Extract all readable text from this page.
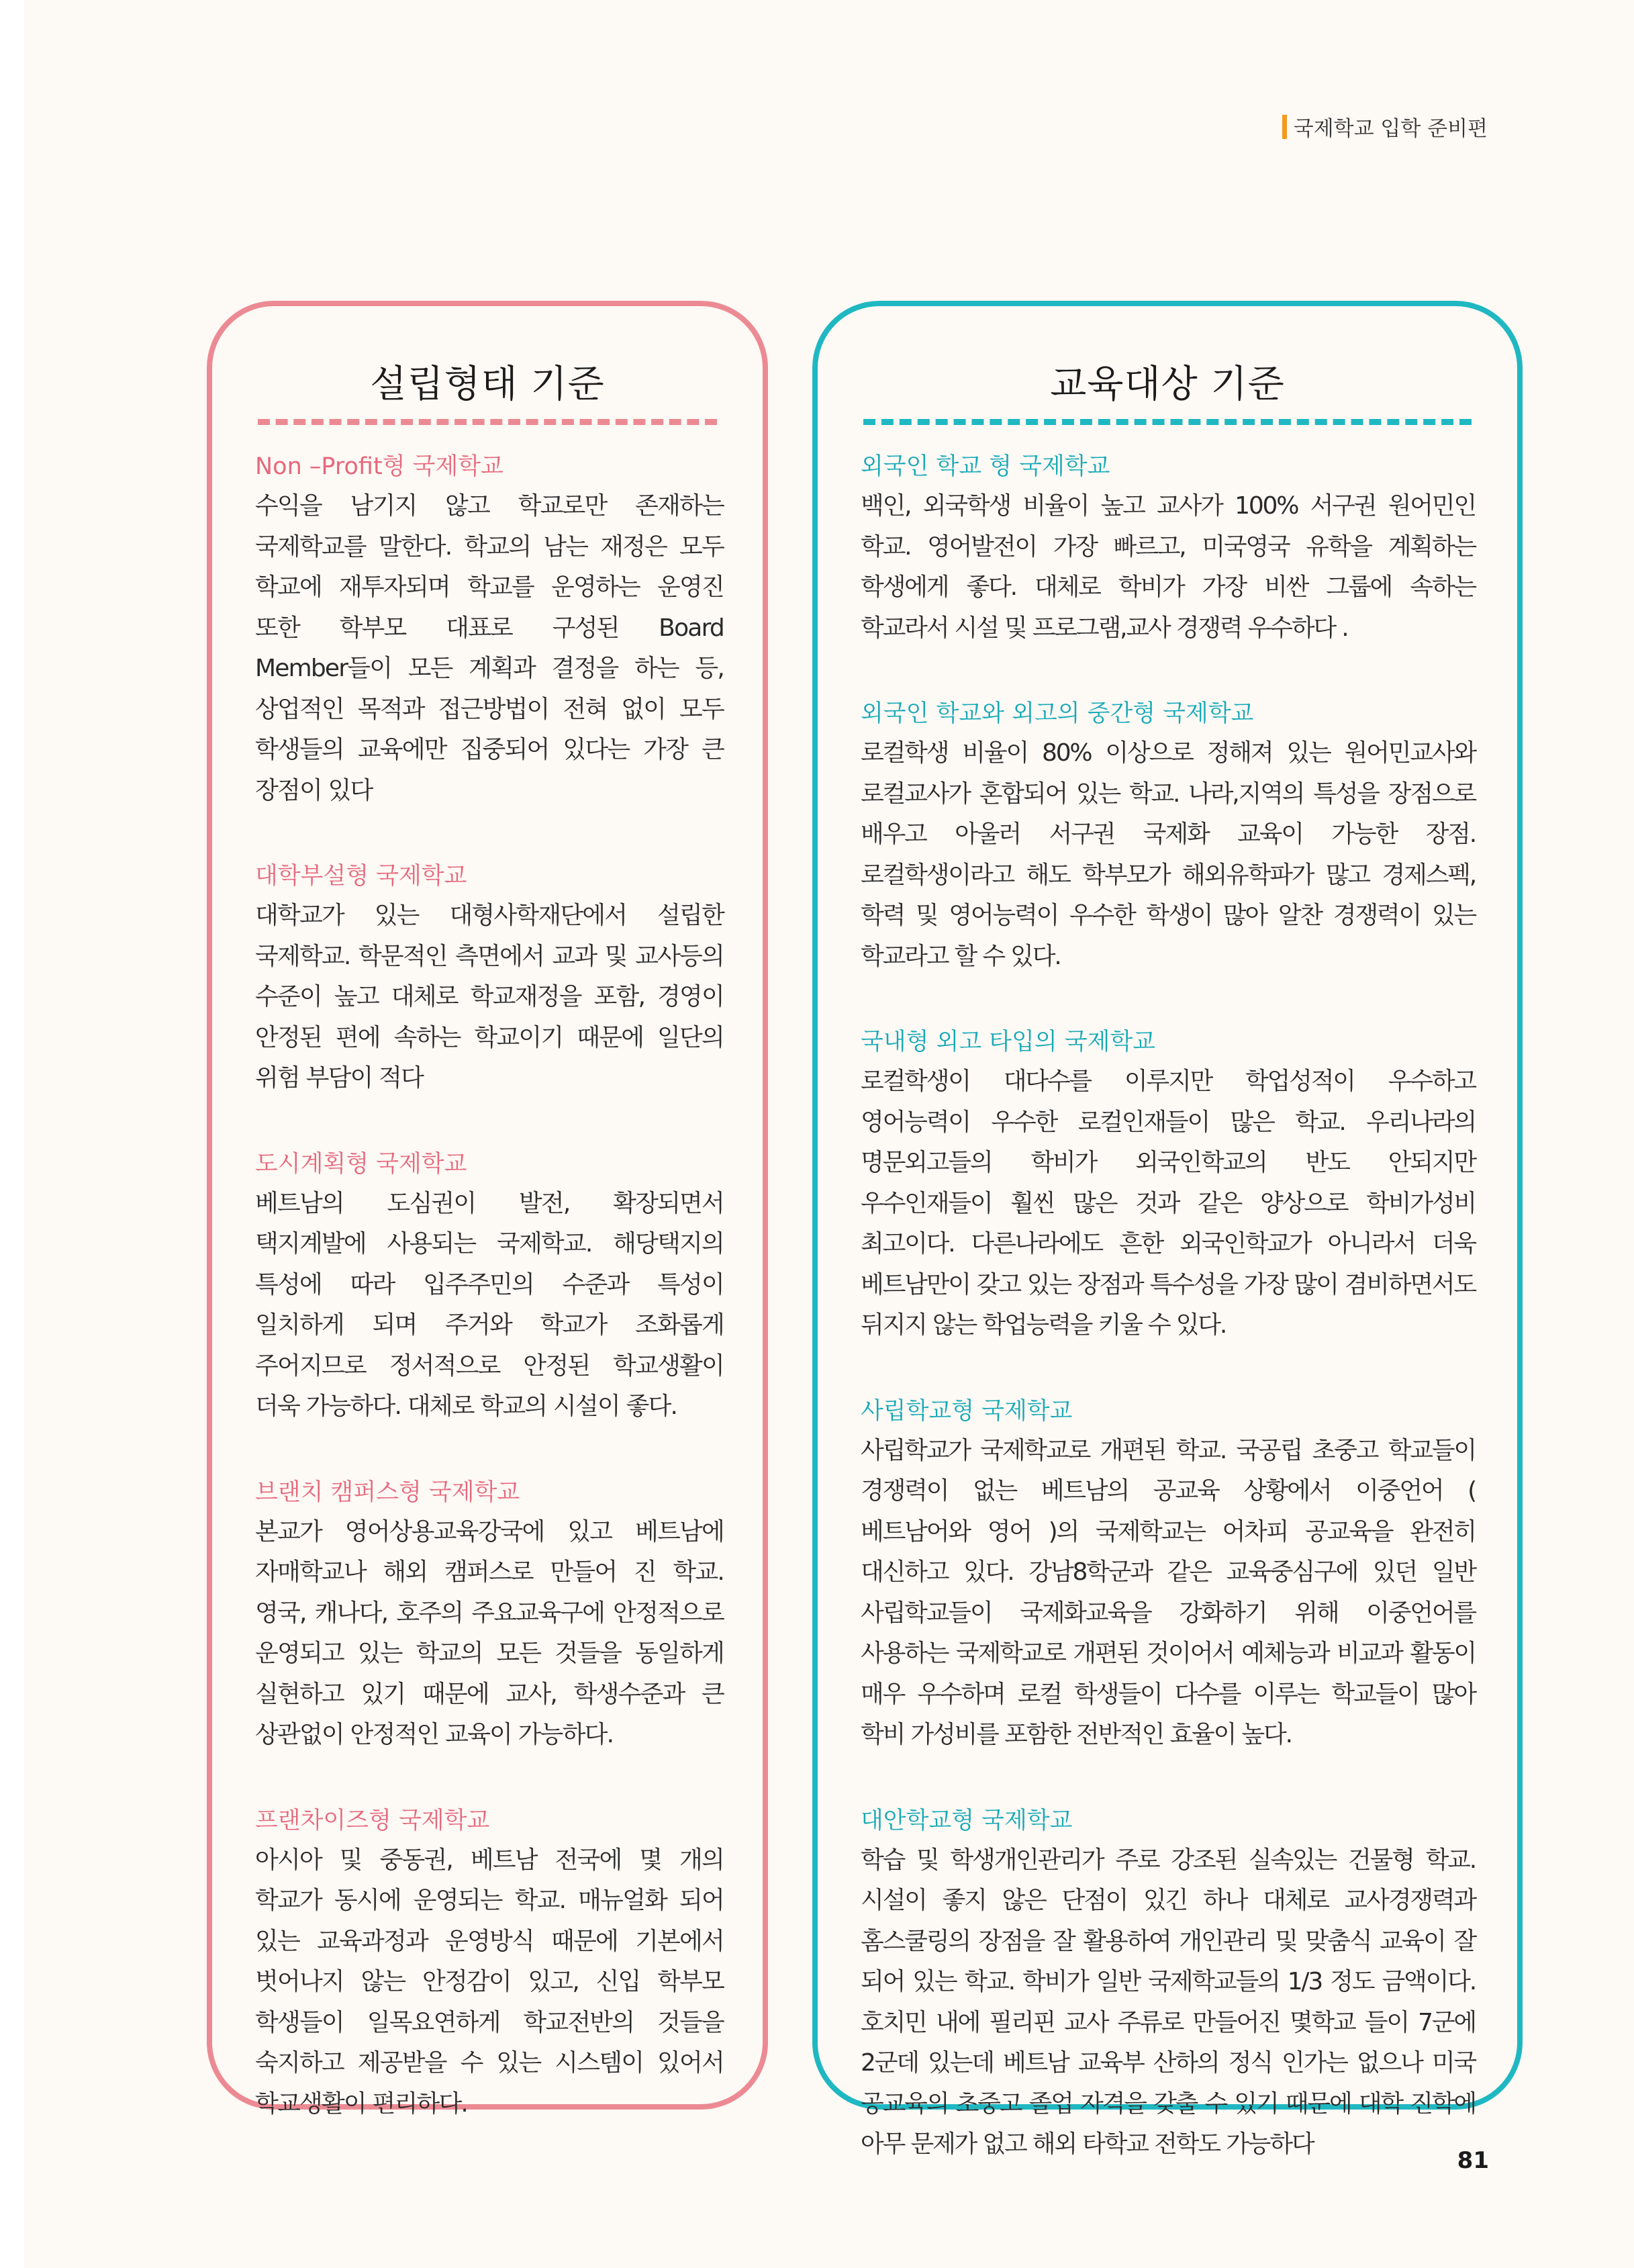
국제학교 입학 준비편
설립형태 기준

Non –Profit형 국제학교

수익을 남기지 않고 학교로만 존재하는 국제학교를 말한다. 학교의 남는 재정은 모두 학교에 재투자되며 학교를 운영하는 운영진 또한 학부모 대표로 구성된 Board Member들이 모든 계획과 결정을 하는 등, 상업적인 목적과 접근방법이 전혀 없이 모두 학생들의 교육에만 집중되어 있다는 가장 큰 장점이 있다

대학부설형 국제학교

대학교가 있는 대형사학재단에서 설립한 국제학교. 학문적인 측면에서 교과 및 교사등의 수준이 높고 대체로 학교재정을 포함, 경영이 안정된 편에 속하는 학교이기 때문에 일단의 위험 부담이 적다

도시계획형 국제학교

베트남의 도심권이 발전, 확장되면서 택지계발에 사용되는 국제학교. 해당택지의 특성에 따라 입주주민의 수준과 특성이 일치하게 되며 주거와 학교가 조화롭게 주어지므로 정서적으로 안정된 학교생활이 더욱 가능하다. 대체로 학교의 시설이 좋다.

브랜치 캠퍼스형 국제학교

본교가 영어상용교육강국에 있고 베트남에 자매학교나 해외 캠퍼스로 만들어 진 학교. 영국, 캐나다, 호주의 주요교육구에 안정적으로 운영되고 있는 학교의 모든 것들을 동일하게 실현하고 있기 때문에 교사, 학생수준과 큰 상관없이 안정적인 교육이 가능하다.

프랜차이즈형 국제학교

아시아 및 중동권, 베트남 전국에 몇 개의 학교가 동시에 운영되는 학교. 매뉴얼화 되어 있는 교육과정과 운영방식 때문에 기본에서 벗어나지 않는 안정감이 있고, 신입 학부모 학생들이 일목요연하게 학교전반의 것들을 숙지하고 제공받을 수 있는 시스템이 있어서 학교생활이 편리하다.

교육대상 기준

외국인 학교 형 국제학교

백인, 외국학생 비율이 높고 교사가 100% 서구권 원어민인 학교. 영어발전이 가장 빠르고, 미국영국 유학을 계획하는 학생에게 좋다. 대체로 학비가 가장 비싼 그룹에 속하는 학교라서 시설 및 프로그램,교사 경쟁력 우수하다 .

외국인 학교와 외고의 중간형 국제학교

로컬학생 비율이 80% 이상으로 정해져 있는 원어민교사와 로컬교사가 혼합되어 있는 학교. 나라,지역의 특성을 장점으로 배우고 아울러 서구권 국제화 교육이 가능한 장점. 로컬학생이라고 해도 학부모가 해외유학파가 많고 경제스펙, 학력 및 영어능력이 우수한 학생이 많아 알찬 경쟁력이 있는 학교라고 할 수 있다.

국내형 외고 타입의 국제학교

로컬학생이 대다수를 이루지만 학업성적이 우수하고 영어능력이 우수한 로컬인재들이 많은 학교. 우리나라의 명문외고들의 학비가 외국인학교의 반도 안되지만 우수인재들이 훨씬 많은 것과 같은 양상으로 학비가성비 최고이다. 다른나라에도 흔한 외국인학교가 아니라서 더욱 베트남만이 갖고 있는 장점과 특수성을 가장 많이 겸비하면서도 뒤지지 않는 학업능력을 키울 수 있다.

사립학교형 국제학교

사립학교가 국제학교로 개편된 학교. 국공립 초중고 학교들이 경쟁력이 없는 베트남의 공교육 상황에서 이중언어 ( 베트남어와 영어 )의 국제학교는 어차피 공교육을 완전히 대신하고 있다. 강남8학군과 같은 교육중심구에 있던 일반 사립학교들이 국제화교육을 강화하기 위해 이중언어를 사용하는 국제학교로 개편된 것이어서 예체능과 비교과 활동이 매우 우수하며 로컬 학생들이 다수를 이루는 학교들이 많아 학비 가성비를 포함한 전반적인 효율이 높다.

대안학교형 국제학교

학습 및 학생개인관리가 주로 강조된 실속있는 건물형 학교. 시설이 좋지 않은 단점이 있긴 하나 대체로 교사경쟁력과 홈스쿨링의 장점을 잘 활용하여 개인관리 및 맞춤식 교육이 잘 되어 있는 학교. 학비가 일반 국제학교들의 1/3 정도 금액이다. 호치민 내에 필리핀 교사 주류로 만들어진 몇학교 들이 7군에 2군데 있는데 베트남 교육부 산하의 정식 인가는 없으나 미국 공교육의 초중고 졸업 자격을 갖출 수 있기 때문에 대학 진학에 아무 문제가 없고 해외 타학교 전학도 가능하다

81
